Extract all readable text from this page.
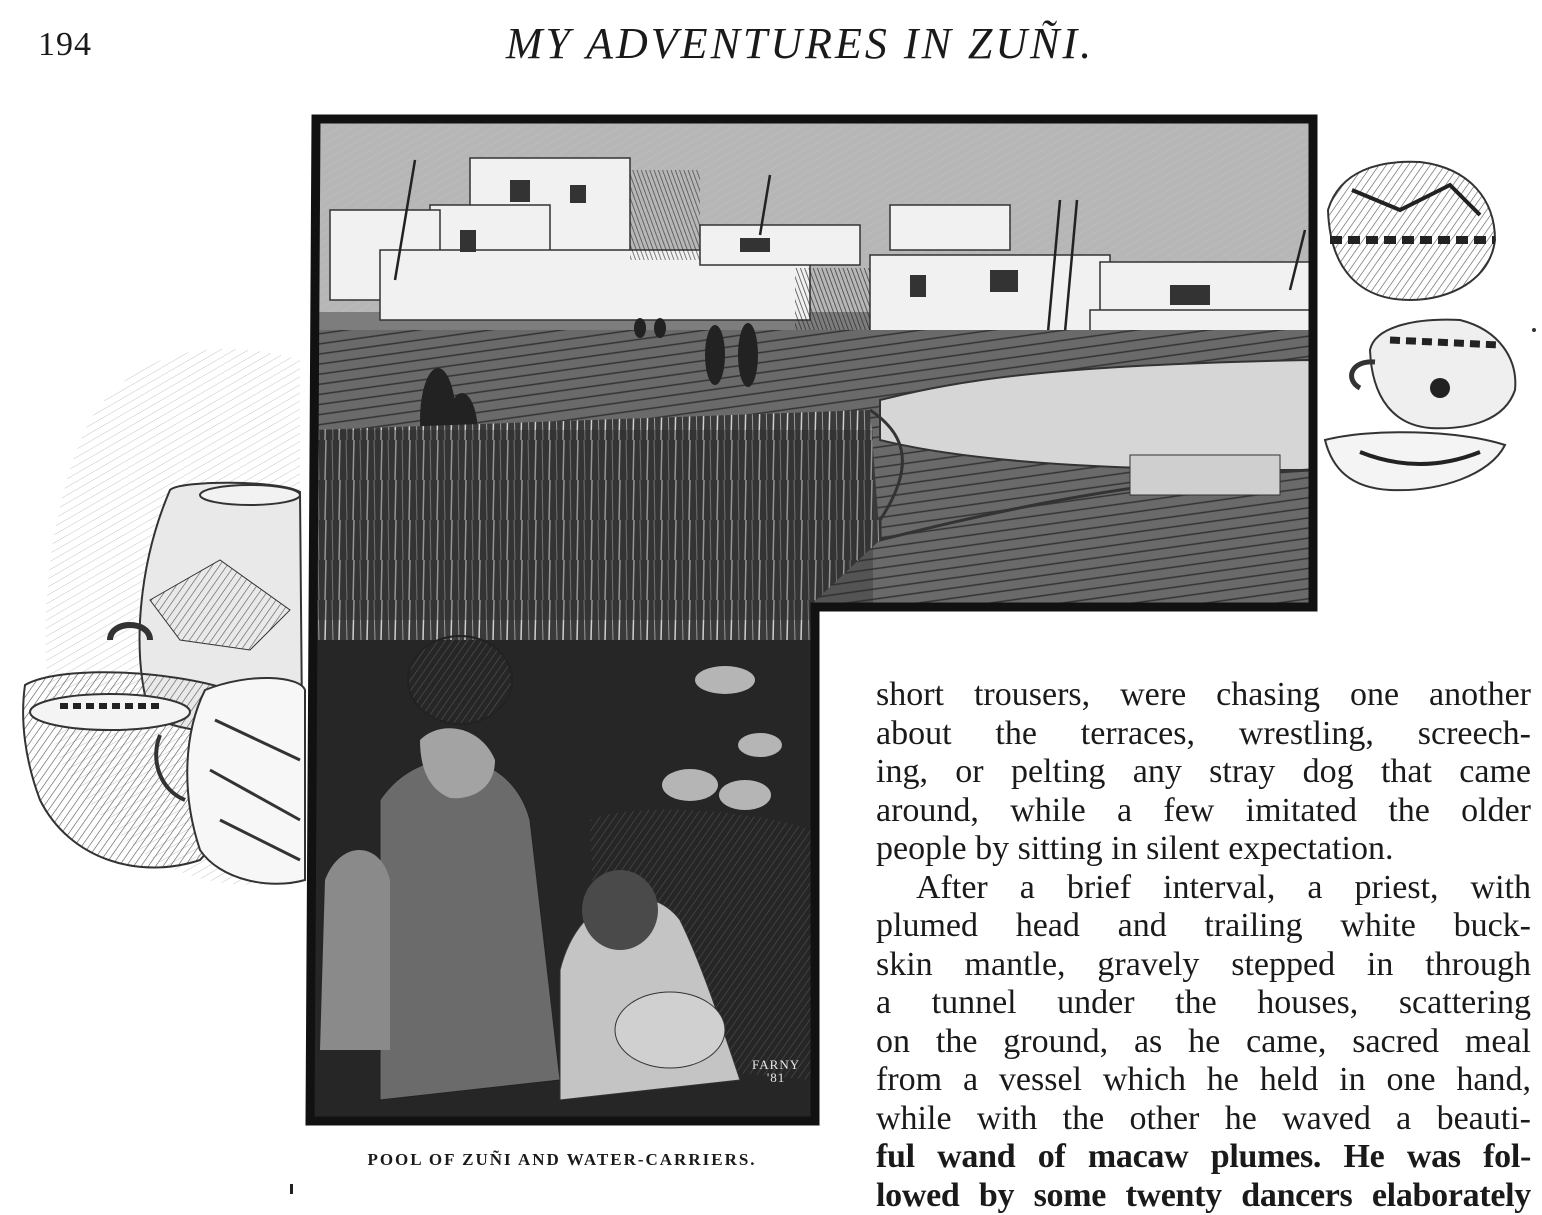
194	MY ADVENTURES IN ZUÑI.
FARNY
'81
POOL OF ZUÑI AND WATER-CARRIERS.

short trousers, were chasing one another
about the terraces, wrestling, screech-
ing, or pelting any stray dog that came
around, while a few imitated the older
people by sitting in silent expectation.

After a brief interval, a priest, with
plumed head and trailing white buck-
skin mantle, gravely stepped in through
a tunnel under the houses, scattering
on the ground, as he came, sacred meal
from a vessel which he held in one hand,
while with the other he waved a beauti-
ful wand of macaw plumes. He was fol-
lowed by some twenty dancers elaborately
